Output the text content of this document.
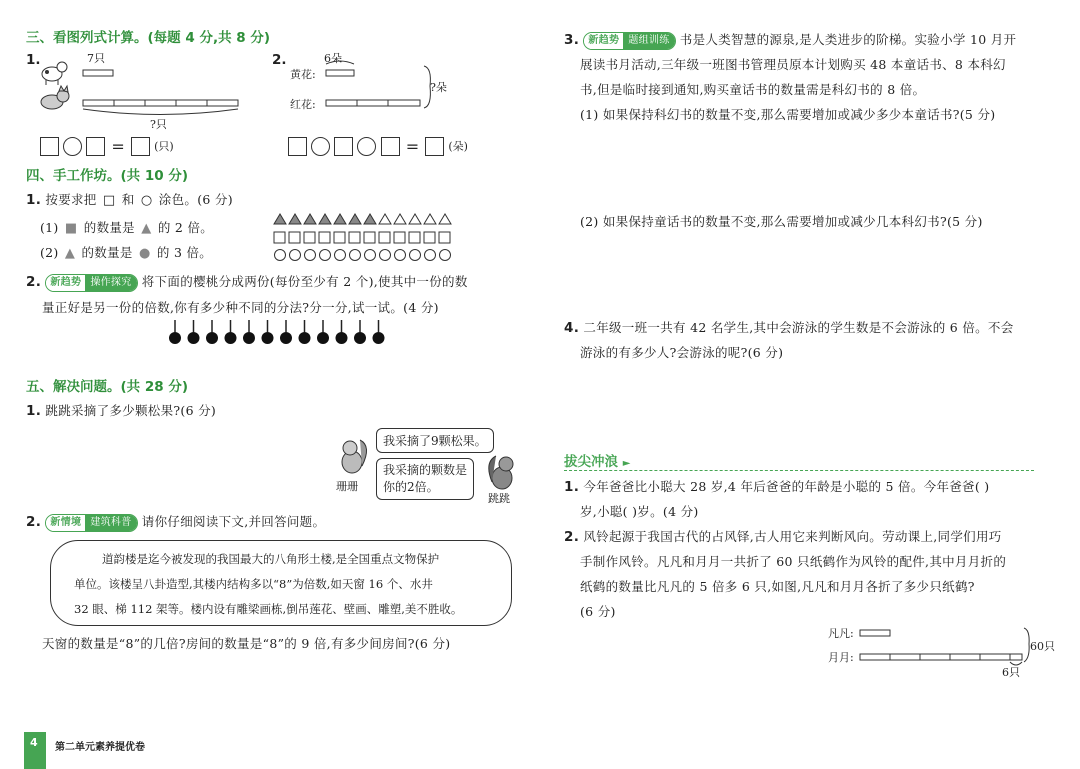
三、看图列式计算。(每题 4 分,共 8 分)
1.	7只
?只
=	(只)
2.	6朵
黄花:
红花:
?朵
=	(朵)
四、手工作坊。(共 10 分)
1. 按要求把 □ 和 ○ 涂色。(6 分)
(1) ■ 的数量是 ▲ 的 2 倍。
(2) ▲ 的数量是 ● 的 3 倍。
2. 新趋势 操作探究 将下面的樱桃分成两份(每份至少有 2 个),使其中一份的数
量正好是另一份的倍数,你有多少种不同的分法?分一分,试一试。(4 分)
五、解决问题。(共 28 分)
1. 跳跳采摘了多少颗松果?(6 分)
珊珊
我采摘了9颗松果。
我采摘的颗数是
你的2倍。
跳跳
2. 新情境 建筑科普 请你仔细阅读下文,并回答问题。
道韵楼是迄今被发现的我国最大的八角形土楼,是全国重点文物保护
单位。该楼呈八卦造型,其楼内结构多以“8”为倍数,如天窗 16 个、水井
32 眼、梯 112 架等。楼内设有雕梁画栋,倒吊莲花、壁画、雕塑,美不胜收。
天窗的数量是“8”的几倍?房间的数量是“8”的 9 倍,有多少间房间?(6 分)
4 第二单元素养提优卷
3. 新趋势 题组训练 书是人类智慧的源泉,是人类进步的阶梯。实验小学 10 月开
展读书月活动,三年级一班图书管理员原本计划购买 48 本童话书、8 本科幻
书,但是临时接到通知,购买童话书的数量需是科幻书的 8 倍。
(1) 如果保持科幻书的数量不变,那么需要增加或减少多少本童话书?(5 分)
(2) 如果保持童话书的数量不变,那么需要增加或减少几本科幻书?(5 分)
4. 二年级一班一共有 42 名学生,其中会游泳的学生数是不会游泳的 6 倍。不会
游泳的有多少人?会游泳的呢?(6 分)
拔尖冲浪 ►
1. 今年爸爸比小聪大 28 岁,4 年后爸爸的年龄是小聪的 5 倍。今年爸爸( )
岁,小聪( )岁。(4 分)
2. 风铃起源于我国古代的占风铎,古人用它来判断风向。劳动课上,同学们用巧
手制作风铃。凡凡和月月一共折了 60 只纸鹤作为风铃的配件,其中月月折的
纸鹤的数量比凡凡的 5 倍多 6 只,如图,凡凡和月月各折了多少只纸鹤?
(6 分)
凡凡:
月月:
60只
6只
